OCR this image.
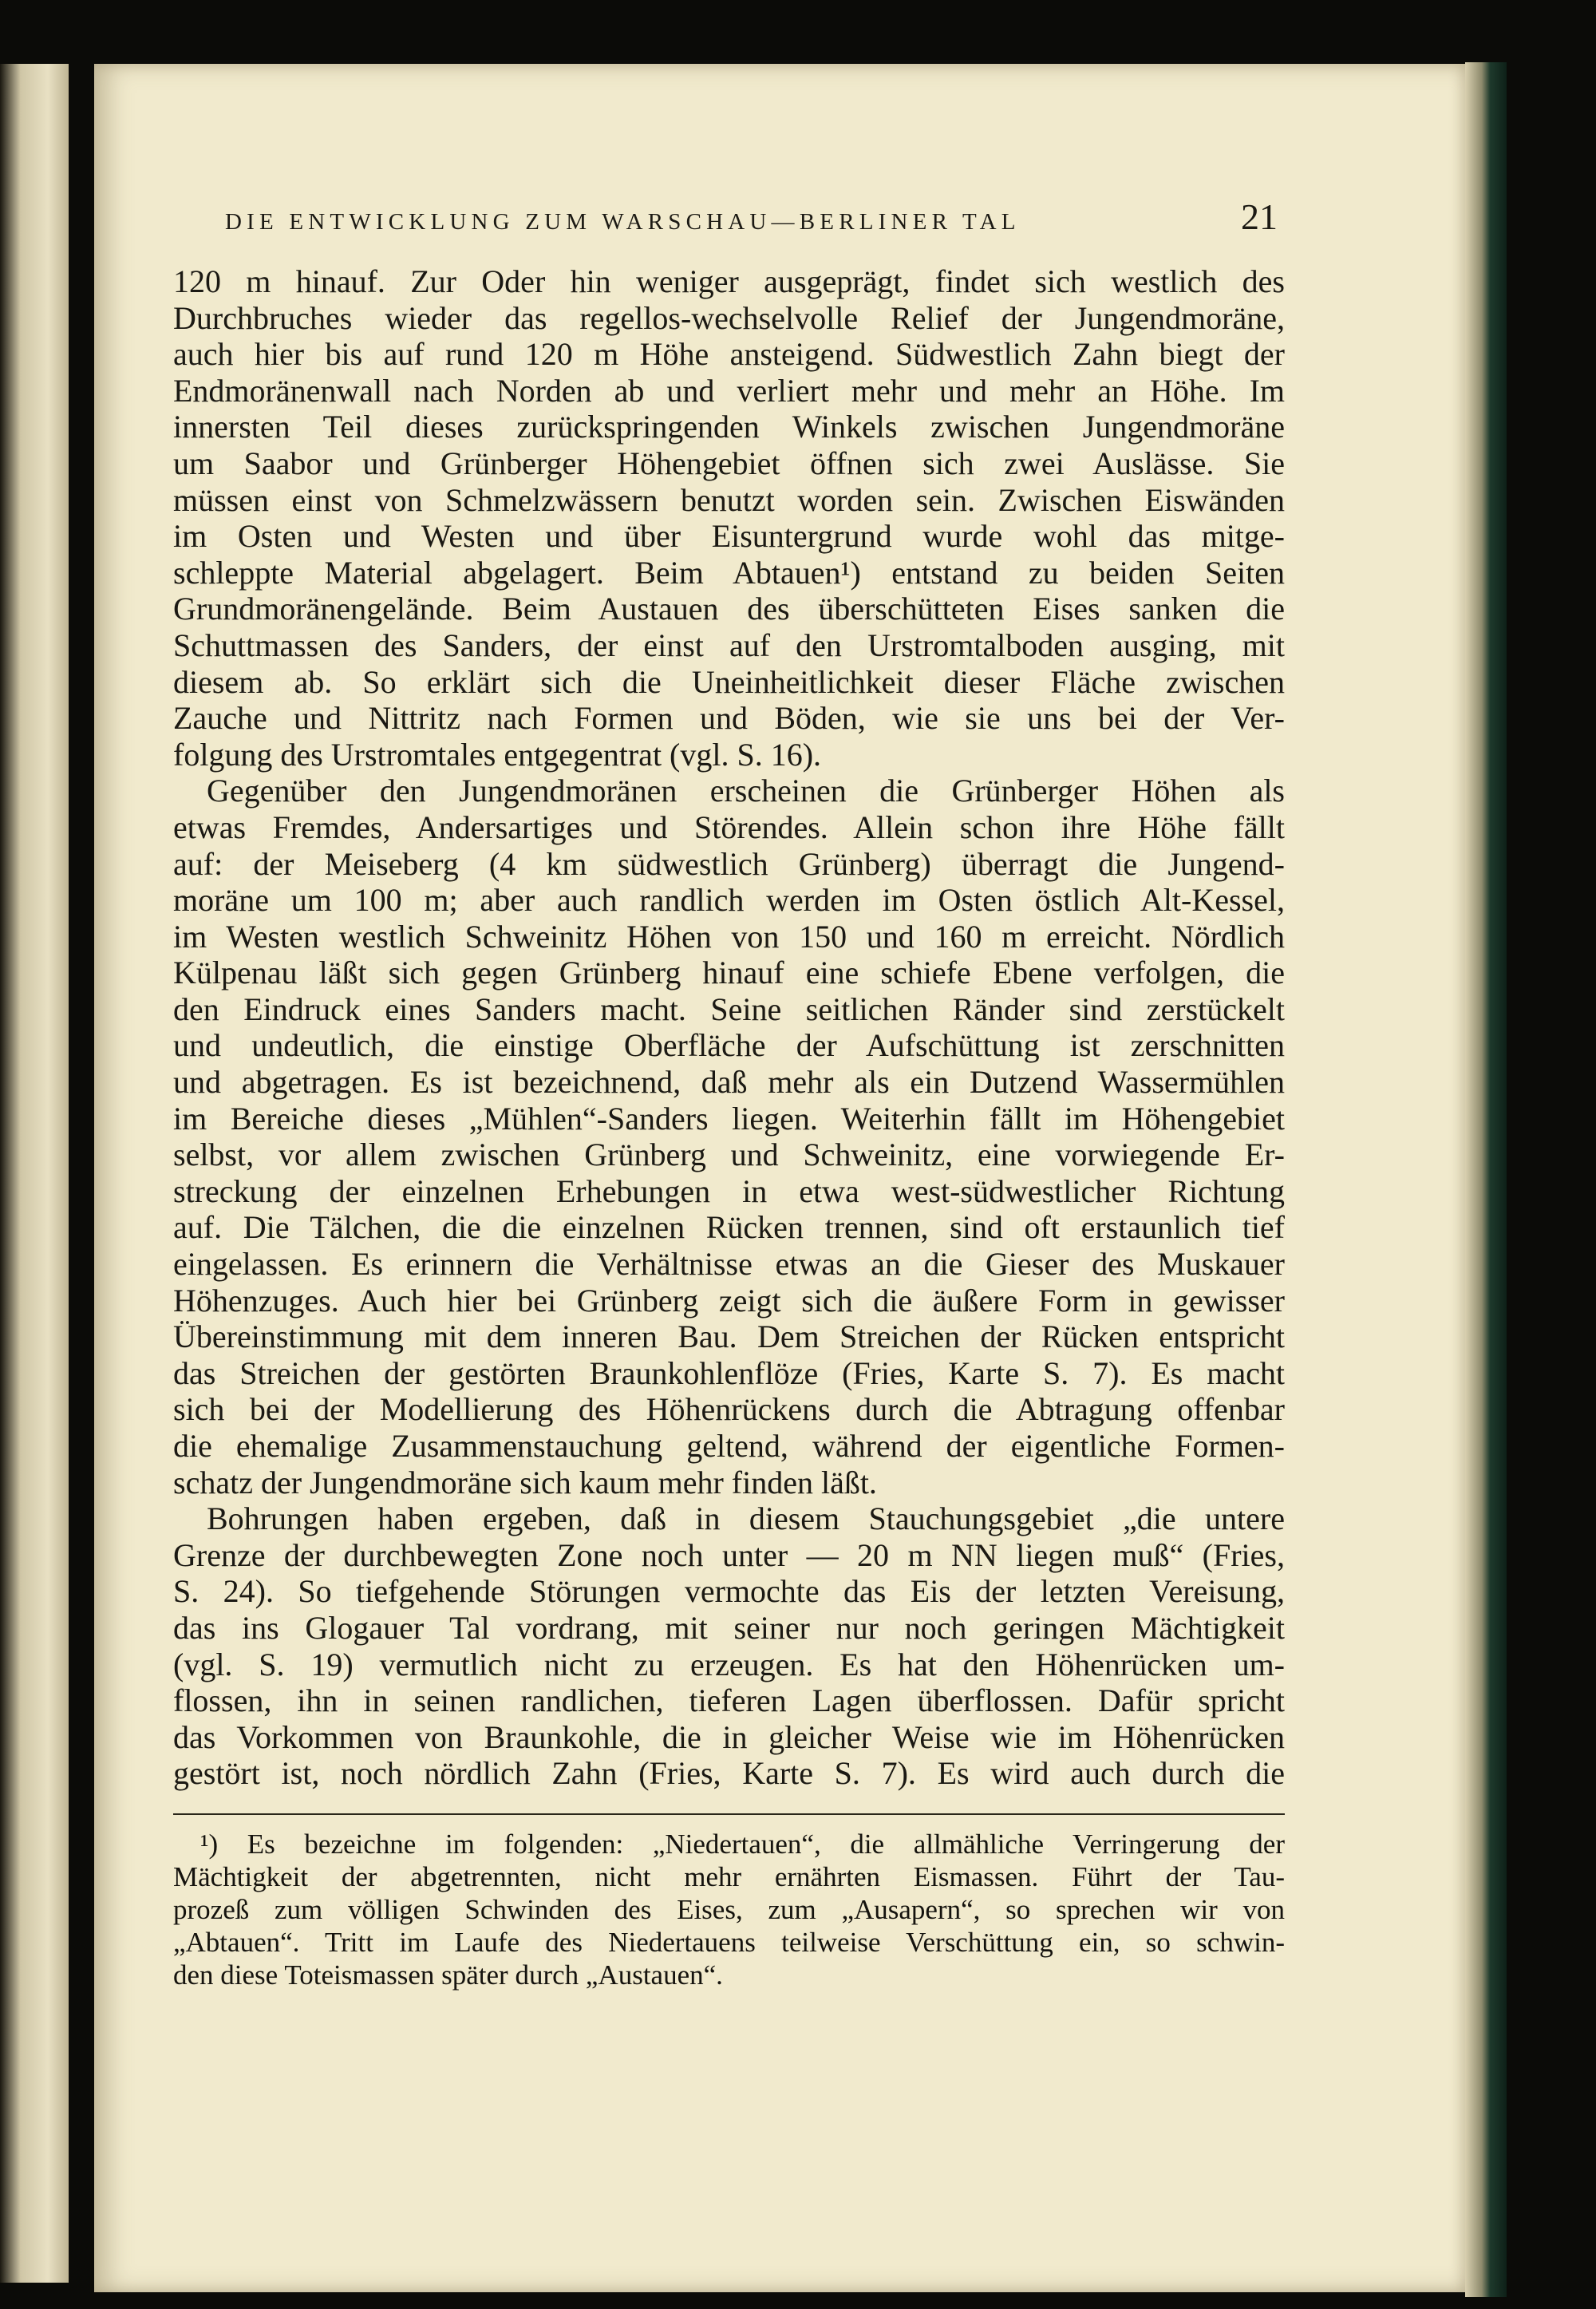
DIE ENTWICKLUNG ZUM WARSCHAU—BERLINER TAL	21
120 m hinauf. Zur Oder hin weniger ausgeprägt, findet sich westlich des
Durchbruches wieder das regellos-wechselvolle Relief der Jungendmoräne,
auch hier bis auf rund 120 m Höhe ansteigend. Südwestlich Zahn biegt der
Endmoränenwall nach Norden ab und verliert mehr und mehr an Höhe. Im
innersten Teil dieses zurückspringenden Winkels zwischen Jungendmoräne
um Saabor und Grünberger Höhengebiet öffnen sich zwei Auslässe. Sie
müssen einst von Schmelzwässern benutzt worden sein. Zwischen Eiswänden
im Osten und Westen und über Eisuntergrund wurde wohl das mitge-
schleppte Material abgelagert. Beim Abtauen¹) entstand zu beiden Seiten
Grundmoränengelände. Beim Austauen des überschütteten Eises sanken die
Schuttmassen des Sanders, der einst auf den Urstromtalboden ausging, mit
diesem ab. So erklärt sich die Uneinheitlichkeit dieser Fläche zwischen
Zauche und Nittritz nach Formen und Böden, wie sie uns bei der Ver-
folgung des Urstromtales entgegentrat (vgl. S. 16).
Gegenüber den Jungendmoränen erscheinen die Grünberger Höhen als
etwas Fremdes, Andersartiges und Störendes. Allein schon ihre Höhe fällt
auf: der Meiseberg (4 km südwestlich Grünberg) überragt die Jungend-
moräne um 100 m; aber auch randlich werden im Osten östlich Alt-Kessel,
im Westen westlich Schweinitz Höhen von 150 und 160 m erreicht. Nördlich
Külpenau läßt sich gegen Grünberg hinauf eine schiefe Ebene verfolgen, die
den Eindruck eines Sanders macht. Seine seitlichen Ränder sind zerstückelt
und undeutlich, die einstige Oberfläche der Aufschüttung ist zerschnitten
und abgetragen. Es ist bezeichnend, daß mehr als ein Dutzend Wassermühlen
im Bereiche dieses „Mühlen“-Sanders liegen. Weiterhin fällt im Höhengebiet
selbst, vor allem zwischen Grünberg und Schweinitz, eine vorwiegende Er-
streckung der einzelnen Erhebungen in etwa west-südwestlicher Richtung
auf. Die Tälchen, die die einzelnen Rücken trennen, sind oft erstaunlich tief
eingelassen. Es erinnern die Verhältnisse etwas an die Gieser des Muskauer
Höhenzuges. Auch hier bei Grünberg zeigt sich die äußere Form in gewisser
Übereinstimmung mit dem inneren Bau. Dem Streichen der Rücken entspricht
das Streichen der gestörten Braunkohlenflöze (Fries, Karte S. 7). Es macht
sich bei der Modellierung des Höhenrückens durch die Abtragung offenbar
die ehemalige Zusammenstauchung geltend, während der eigentliche Formen-
schatz der Jungendmoräne sich kaum mehr finden läßt.
Bohrungen haben ergeben, daß in diesem Stauchungsgebiet „die untere
Grenze der durchbewegten Zone noch unter — 20 m NN liegen muß“ (Fries,
S. 24). So tiefgehende Störungen vermochte das Eis der letzten Vereisung,
das ins Glogauer Tal vordrang, mit seiner nur noch geringen Mächtigkeit
(vgl. S. 19) vermutlich nicht zu erzeugen. Es hat den Höhenrücken um-
flossen, ihn in seinen randlichen, tieferen Lagen überflossen. Dafür spricht
das Vorkommen von Braunkohle, die in gleicher Weise wie im Höhenrücken
gestört ist, noch nördlich Zahn (Fries, Karte S. 7). Es wird auch durch die
¹) Es bezeichne im folgenden: „Niedertauen“, die allmähliche Verringerung der
Mächtigkeit der abgetrennten, nicht mehr ernährten Eismassen. Führt der Tau-
prozeß zum völligen Schwinden des Eises, zum „Ausapern“, so sprechen wir von
„Abtauen“. Tritt im Laufe des Niedertauens teilweise Verschüttung ein, so schwin-
den diese Toteismassen später durch „Austauen“.
